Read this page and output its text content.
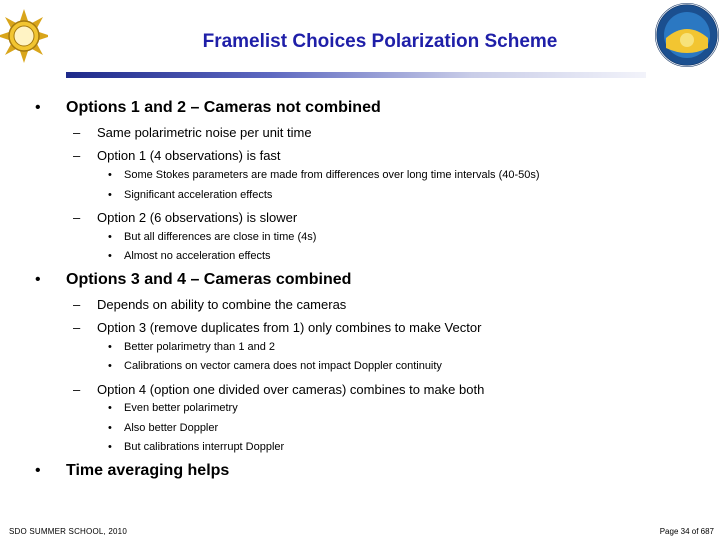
Framelist Choices Polarization Scheme
• Options 1 and 2 – Cameras not combined
– Same polarimetric noise per unit time
– Option 1 (4 observations) is fast
• Some Stokes parameters are made from differences over long time intervals (40-50s)
• Significant acceleration effects
– Option 2 (6 observations) is slower
• But all differences are close in time (4s)
• Almost no acceleration effects
• Options 3 and 4 – Cameras combined
– Depends on ability to combine the cameras
– Option 3 (remove duplicates from 1) only combines to make Vector
• Better polarimetry than 1 and 2
• Calibrations on vector camera does not impact Doppler continuity
– Option 4 (option one divided over cameras) combines to make both
• Even better polarimetry
• Also better Doppler
• But calibrations interrupt Doppler
• Time averaging helps
SDO SUMMER SCHOOL, 2010	Page 34 of 687
